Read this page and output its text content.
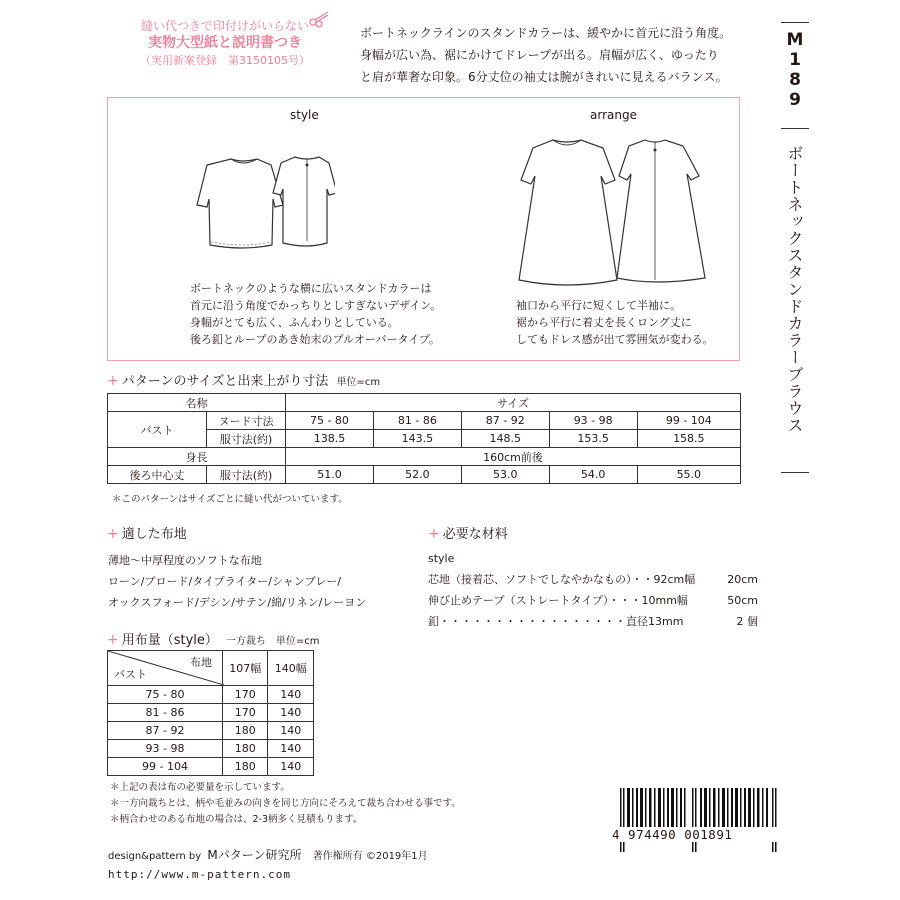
縫い代つきで印付けがいらない
実物大型紙と説明書つき
（実用新案登録　第3150105号）
ボートネックラインのスタンドカラーは、緩やかに首元に沿う角度。
身幅が広い為、裾にかけてドレープが出る。肩幅が広く、ゆったり
と肩が華奢な印象。6分丈位の袖丈は腕がきれいに見えるバランス。
M
1
8
9
ボートネックスタンドカラーブラウス
style	arrange
ボートネックのような横に広いスタンドカラーは
首元に沿う角度でかっちりとしすぎないデザイン。
身幅がとても広く、ふんわりとしている。
後ろ釦とループのあき始末のプルオーバータイプ。
袖口から平行に短くして半袖に。
裾から平行に着丈を長くロング丈に
してもドレス感が出て雰囲気が変わる。
+ パターンのサイズと出来上がり寸法 単位=cm
名称		サイズ				
バスト	ヌード寸法	75 - 80	81 - 86	87 - 92	93 - 98	99 - 104
	服寸法(約)	138.5	143.5	148.5	153.5	158.5
身長		160cm前後				
後ろ中心丈	服寸法(約)	51.0	52.0	53.0	54.0	55.0
＊このパターンはサイズごとに縫い代がついています。
+ 適した布地
薄地～中厚程度のソフトな布地
ローン/ブロード/タイプライター/シャンブレー/
オックスフォード/デシン/サテン/綿/リネン/レーヨン
+ 必要な材料
style
芯地（接着芯、ソフトでしなやかなもの）・・92cm幅	20cm
伸び止めテープ（ストレートタイプ）・・・10mm幅	50cm
釦・・・・・・・・・・・・・・・・・直径13mm	2 個
+ 用布量（style） 一方裁ち　単位=cm
布地
バスト	107幅	140幅
75 - 80	170	140
81 - 86	170	140
87 - 92	180	140
93 - 98	180	140
99 - 104	180	140
＊上記の表は布の必要量を示しています。
＊一方向裁ちとは、柄や毛並みの向きを同じ方向にそろえて裁ち合わせる事です。
＊柄合わせのある布地の場合は、2-3柄多く見積もります。
4 974490 001891
design&pattern by Mパターン研究所 著作権所有 ©2019年1月
http://www.m-pattern.com
